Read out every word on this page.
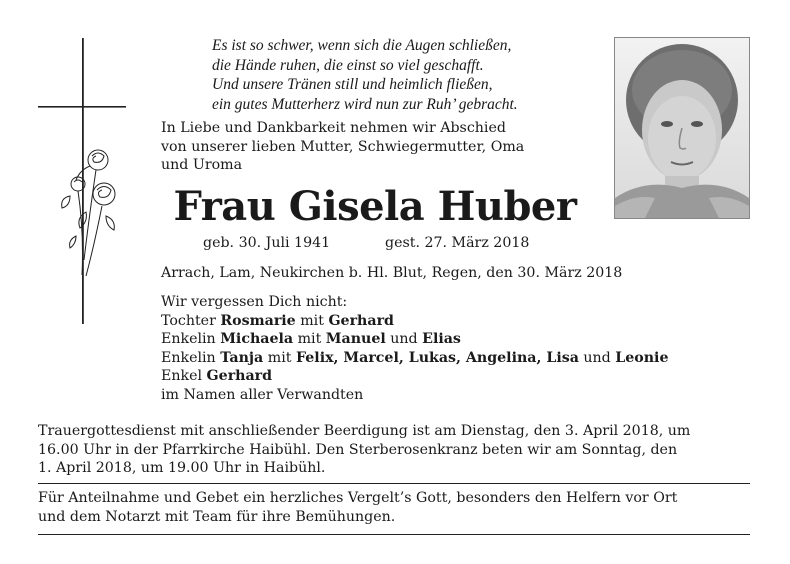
Es ist so schwer, wenn sich die Augen schließen,
die Hände ruhen, die einst so viel geschafft.
Und unsere Tränen still und heimlich fließen,
ein gutes Mutterherz wird nun zur Ruh’ gebracht.
In Liebe und Dankbarkeit nehmen wir Abschied
von unserer lieben Mutter, Schwiegermutter, Oma
und Uroma
Frau Gisela Huber
geb. 30. Juli 1941	gest. 27. März 2018
Arrach, Lam, Neukirchen b. Hl. Blut, Regen, den 30. März 2018
Wir vergessen Dich nicht:
Tochter Rosmarie mit Gerhard
Enkelin Michaela mit Manuel und Elias
Enkelin Tanja mit Felix, Marcel, Lukas, Angelina, Lisa und Leonie
Enkel Gerhard
im Namen aller Verwandten
Trauergottesdienst mit anschließender Beerdigung ist am Dienstag, den 3. April 2018, um
16.00 Uhr in der Pfarrkirche Haibühl. Den Sterberosenkranz beten wir am Sonntag, den
1. April 2018, um 19.00 Uhr in Haibühl.
Für Anteilnahme und Gebet ein herzliches Vergelt’s Gott, besonders den Helfern vor Ort
und dem Notarzt mit Team für ihre Bemühungen.
